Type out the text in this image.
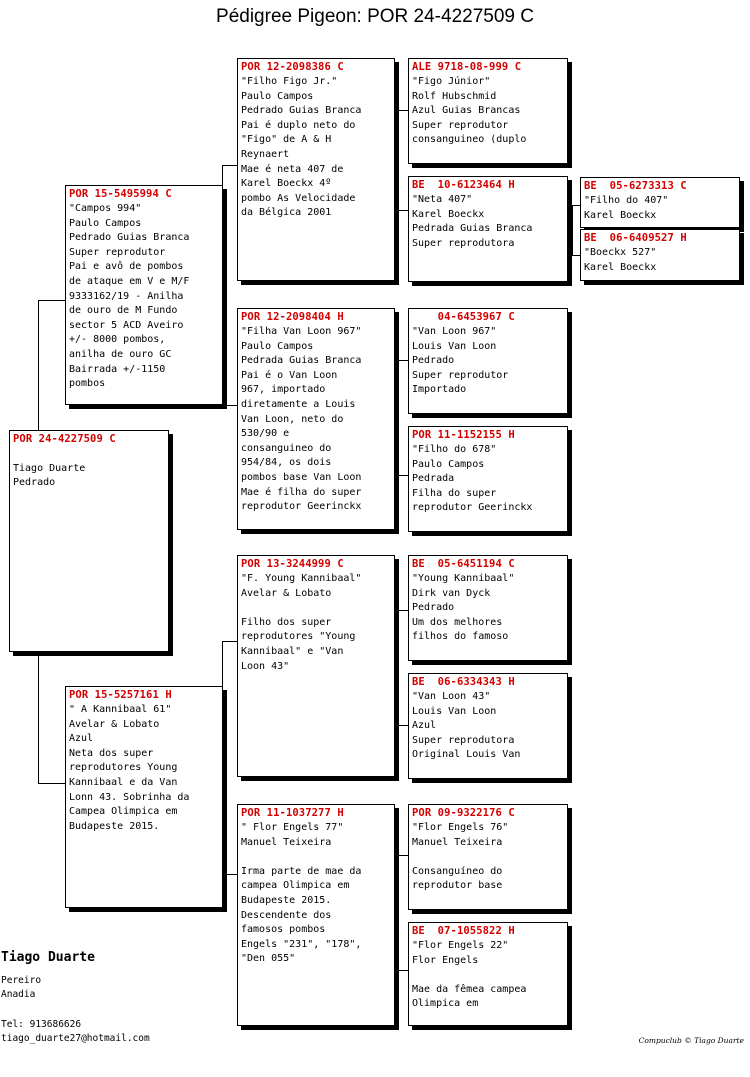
Pédigree Pigeon: POR 24-4227509 C
POR 24-4227509 C

Tiago Duarte
Pedrado
POR 15-5495994 C
"Campos 994"
Paulo Campos
Pedrado Guias Branca
Super reprodutor
Pai e avô de pombos
de ataque em V e M/F
9333162/19 - Anilha
de ouro de M Fundo
sector 5 ACD Aveiro
+/- 8000 pombos,
anilha de ouro GC
Bairrada +/-1150
pombos
POR 15-5257161 H
" A Kannibaal 61"
Avelar & Lobato
Azul
Neta dos super
reprodutores Young
Kannibaal e da Van
Lonn 43. Sobrinha da
Campea Olimpica em
Budapeste 2015.
POR 12-2098386 C
"Filho Figo Jr."
Paulo Campos
Pedrado Guias Branca
Pai é duplo neto do
"Figo" de A & H
Reynaert
Mae é neta 407 de
Karel Boeckx 4º
pombo As Velocidade
da Bélgica 2001
POR 12-2098404 H
"Filha Van Loon 967"
Paulo Campos
Pedrada Guias Branca
Pai é o Van Loon
967, importado
diretamente a Louis
Van Loon, neto do
530/90 e
consanguineo do
954/84, os dois
pombos base Van Loon
Mae é filha do super
reprodutor Geerinckx
POR 13-3244999 C
"F. Young Kannibaal"
Avelar & Lobato

Filho dos super
reprodutores "Young
Kannibaal" e "Van
Loon 43"
POR 11-1037277 H
" Flor Engels 77"
Manuel Teixeira

Irma parte de mae da
campea Olimpica em
Budapeste 2015.
Descendente dos
famosos pombos
Engels "231", "178",
"Den 055"
ALE 9718-08-999 C
"Figo Júnior"
Rolf Hubschmid
Azul Guias Brancas
Super reprodutor
consanguineo (duplo
BE  10-6123464 H
"Neta 407"
Karel Boeckx
Pedrada Guias Branca
Super reprodutora
04-6453967 C
"Van Loon 967"
Louis Van Loon
Pedrado
Super reprodutor
Importado
POR 11-1152155 H
"Filho do 678"
Paulo Campos
Pedrada
Filha do super
reprodutor Geerinckx
BE  05-6451194 C
"Young Kannibaal"
Dirk van Dyck
Pedrado
Um dos melhores
filhos do famoso
BE  06-6334343 H
"Van Loon 43"
Louis Van Loon
Azul
Super reprodutora
Original Louis Van
POR 09-9322176 C
"Flor Engels 76"
Manuel Teixeira

Consanguíneo do
reprodutor base
BE  07-1055822 H
"Flor Engels 22"
Flor Engels

Mae da fêmea campea
Olimpica em
BE  05-6273313 C
"Filho do 407"
Karel Boeckx
BE  06-6409527 H
"Boeckx 527"
Karel Boeckx
Tiago Duarte
Pereiro
Anadia
Tel: 913686626
tiago_duarte27@hotmail.com	Compuclub © Tiago Duarte
